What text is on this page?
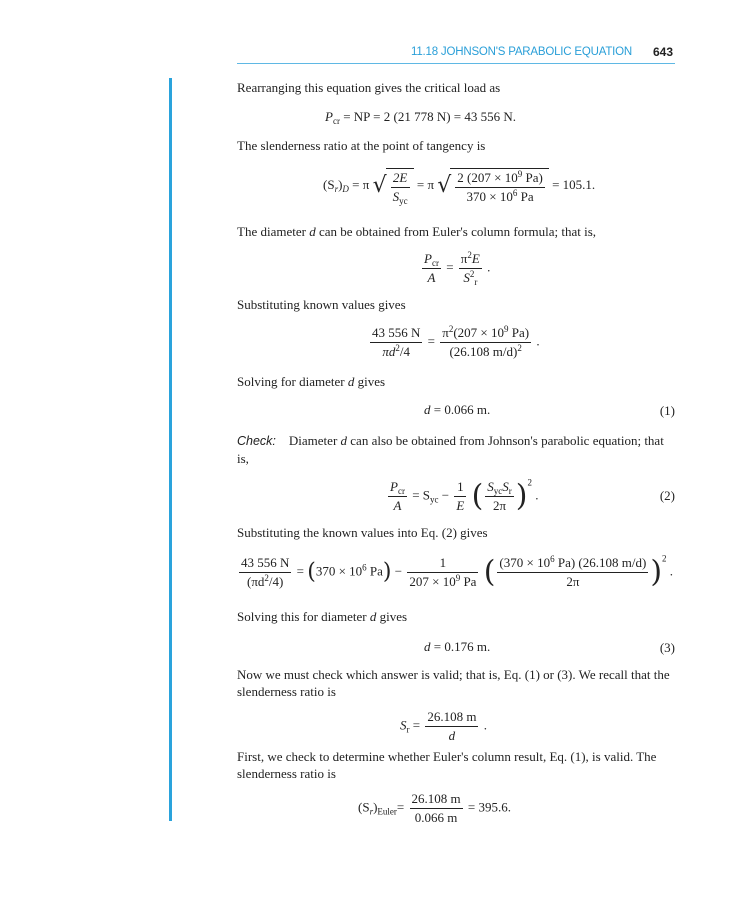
11.18 JOHNSON'S PARABOLIC EQUATION 643
Rearranging this equation gives the critical load as
$P_{cr}$ = NP = 2 (21 778 N) = 43 556 N.
The slenderness ratio at the point of tangency is
$(S_r)_D = \pi$ √ $\frac{2E}{S_{yc}} = \pi$ √ $\frac{2 (207 \times 10^9 Pa)}{370 \times 10^6 Pa} = 105.1$.
The diameter d can be obtained from Euler's column formula; that is,
$\frac{P_{cr}}{A} = \frac{\pi^2E}{S^2_r}$ .
Substituting known values gives
$\frac{43 556 N}{\pi d^2/4} = \frac{\pi^2(207 \times 10^9 Pa)}{(26.108 m/d)^2}$ .
Solving for diameter d gives
d = 0.066 m.	(1)
Check: Diameter d can also be obtained from Johnson's parabolic equation; that is,
$\frac{P_{cr}}{A} = S_{yc} - \frac{1}{E}$ ( $\frac{S_{yc}S_r}{2\pi} )^2$ .	(2)
Substituting the known values into Eq. (2) gives
$\frac{43 556 N}{(\pi d^2/4)} = (370 \times 10^6$ $Pa) - \frac{1}{207 \times 10^9 Pa}$ ( $\frac{(370 \times 10^6 Pa) (26.108 m/d)}{2\pi} )^2$ .
Solving this for diameter d gives
d = 0.176 m.	(3)
Now we must check which answer is valid; that is, Eq. (1) or (3). We recall that the slenderness ratio is
$S_r = \frac{26.108 m}{d}$ .
First, we check to determine whether Euler's column result, Eq. (1), is valid. The slenderness ratio is
$(S_r)_{Euler}= \frac{26.108 m}{0.066 m} = 395.6$.
